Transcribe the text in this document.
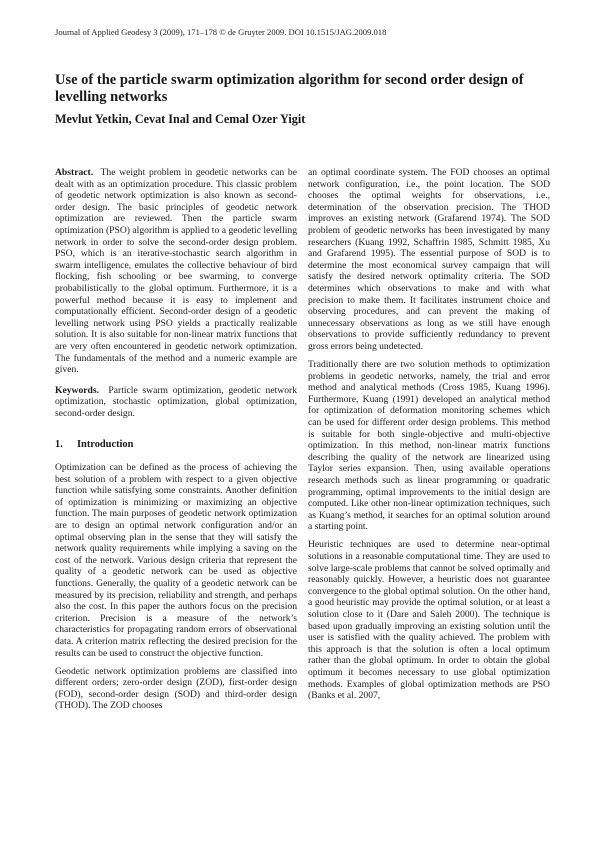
Journal of Applied Geodesy 3 (2009), 171–178 © de Gruyter 2009. DOI 10.1515/JAG.2009.018
Use of the particle swarm optimization algorithm for second order design of levelling networks
Mevlut Yetkin, Cevat Inal and Cemal Ozer Yigit

Abstract. The weight problem in geodetic networks can be dealt with as an optimization procedure. This classic problem of geodetic network optimization is also known as second-order design. The basic principles of geodetic network optimization are reviewed. Then the particle swarm optimization (PSO) algorithm is applied to a geodetic levelling network in order to solve the second-order design problem. PSO, which is an iterative-stochastic search algorithm in swarm intelligence, emulates the collective behaviour of bird flocking, fish schooling or bee swarming, to converge probabilistically to the global optimum. Furthermore, it is a powerful method because it is easy to implement and computationally efficient. Second-order design of a geodetic levelling network using PSO yields a practically realizable solution. It is also suitable for non-linear matrix functions that are very often encountered in geodetic network optimization. The fundamentals of the method and a numeric example are given.

Keywords. Particle swarm optimization, geodetic network optimization, stochastic optimization, global optimization, second-order design.

1. Introduction

Optimization can be defined as the process of achieving the best solution of a problem with respect to a given objective function while satisfying some constraints. Another definition of optimization is minimizing or maximizing an objective function. The main purposes of geodetic network optimization are to design an optimal network configuration and/or an optimal observing plan in the sense that they will satisfy the network quality requirements while implying a saving on the cost of the network. Various design criteria that represent the quality of a geodetic network can be used as objective functions. Generally, the quality of a geodetic network can be measured by its precision, reliability and strength, and perhaps also the cost. In this paper the authors focus on the precision criterion. Precision is a measure of the network’s characteristics for propagating random errors of observational data. A criterion matrix reflecting the desired precision for the results can be used to construct the objective function.

Geodetic network optimization problems are classified into different orders; zero-order design (ZOD), first-order design (FOD), second-order design (SOD) and third-order design (THOD). The ZOD chooses

an optimal coordinate system. The FOD chooses an optimal network configuration, i.e., the point location. The SOD chooses the optimal weights for observations, i.e., determination of the observation precision. The THOD improves an existing network (Grafarend 1974). The SOD problem of geodetic networks has been investigated by many researchers (Kuang 1992, Schaffrin 1985, Schmitt 1985, Xu and Grafarend 1995). The essential purpose of SOD is to determine the most economical survey campaign that will satisfy the desired network optimality criteria. The SOD determines which observations to make and with what precision to make them. It facilitates instrument choice and observing procedures, and can prevent the making of unnecessary observations as long as we still have enough observations to provide sufficiently redundancy to prevent gross errors being undetected.

Traditionally there are two solution methods to optimization problems in geodetic networks, namely, the trial and error method and analytical methods (Cross 1985, Kuang 1996). Furthermore, Kuang (1991) developed an analytical method for optimization of deformation monitoring schemes which can be used for different order design problems. This method is suitable for both single-objective and multi-objective optimization. In this method, non-linear matrix functions describing the quality of the network are linearized using Taylor series expansion. Then, using available operations research methods such as linear programming or quadratic programming, optimal improvements to the initial design are computed. Like other non-linear optimization techniques, such as Kuang’s method, it searches for an optimal solution around a starting point.

Heuristic techniques are used to determine near-optimal solutions in a reasonable computational time. They are used to solve large-scale problems that cannot be solved optimally and reasonably quickly. However, a heuristic does not guarantee convergence to the global optimal solution. On the other hand, a good heuristic may provide the optimal solution, or at least a solution close to it (Dare and Saleh 2000). The technique is based upon gradually improving an existing solution until the user is satisfied with the quality achieved. The problem with this approach is that the solution is often a local optimum rather than the global optimum. In order to obtain the global optimum it becomes necessary to use global optimization methods. Examples of global optimization methods are PSO (Banks et al. 2007,
